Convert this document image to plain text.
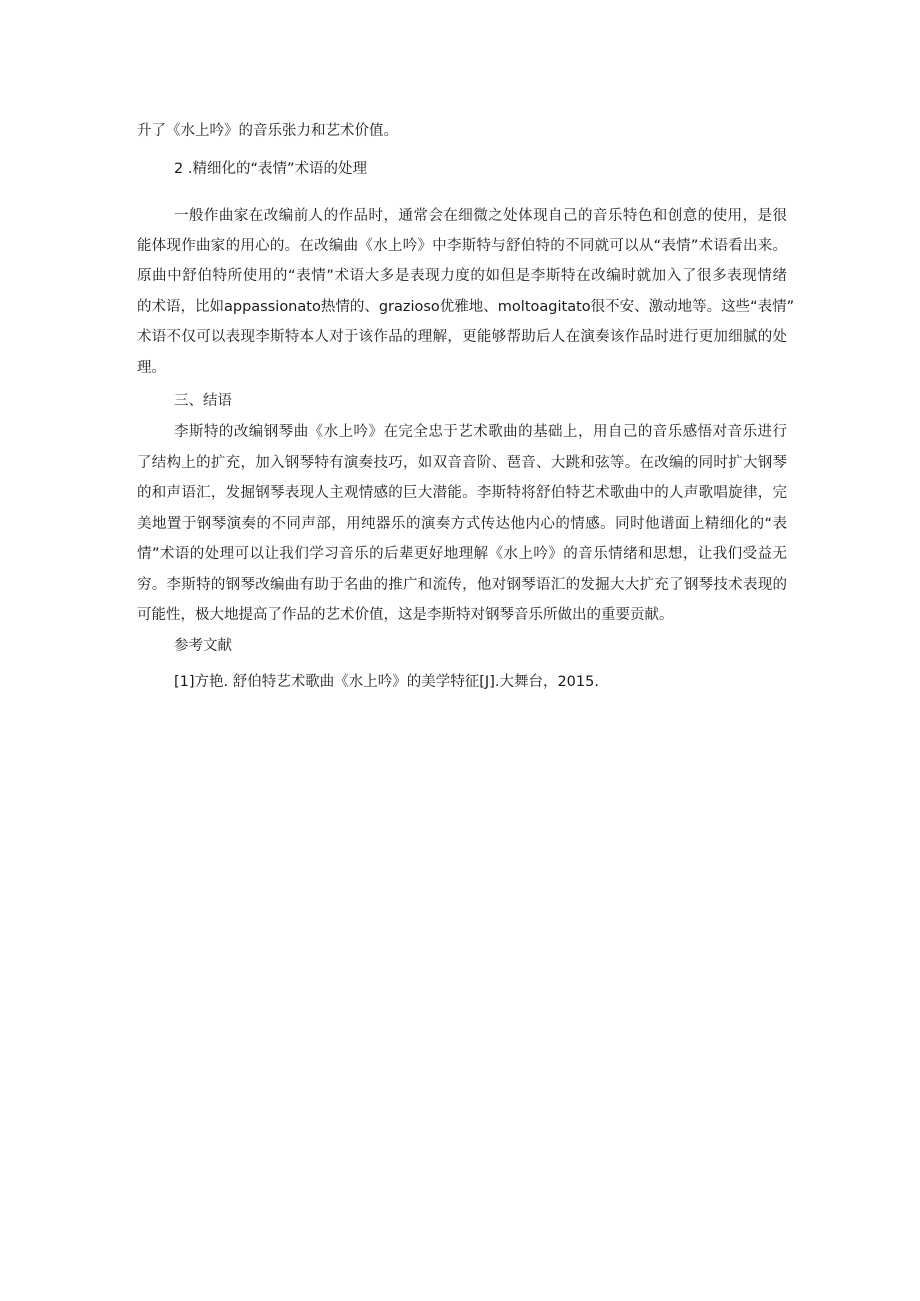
升了《水上吟》的音乐张力和艺术价值。
2 .精细化的“表情”术语的处理
一般作曲家在改编前人的作品时，通常会在细微之处体现自己的音乐特色和创意的使用，是很
能体现作曲家的用心的。在改编曲《水上吟》中李斯特与舒伯特的不同就可以从“表情”术语看出来。
原曲中舒伯特所使用的“表情”术语大多是表现力度的如但是李斯特在改编时就加入了很多表现情绪
的术语，比如appassionato热情的、grazioso优雅地、moltoagitato很不安、激动地等。这些“表情”
术语不仅可以表现李斯特本人对于该作品的理解，更能够帮助后人在演奏该作品时进行更加细腻的处
理。
三、结语
李斯特的改编钢琴曲《水上吟》在完全忠于艺术歌曲的基础上，用自己的音乐感悟对音乐进行
了结构上的扩充，加入钢琴特有演奏技巧，如双音音阶、琶音、大跳和弦等。在改编的同时扩大钢琴
的和声语汇，发掘钢琴表现人主观情感的巨大潜能。李斯特将舒伯特艺术歌曲中的人声歌唱旋律，完
美地置于钢琴演奏的不同声部，用纯器乐的演奏方式传达他内心的情感。同时他谱面上精细化的“表
情”术语的处理可以让我们学习音乐的后辈更好地理解《水上吟》的音乐情绪和思想，让我们受益无
穷。李斯特的钢琴改编曲有助于名曲的推广和流传，他对钢琴语汇的发掘大大扩充了钢琴技术表现的
可能性，极大地提高了作品的艺术价值，这是李斯特对钢琴音乐所做出的重要贡献。
参考文献
[1]方艳. 舒伯特艺术歌曲《水上吟》的美学特征[J].大舞台，2015.
